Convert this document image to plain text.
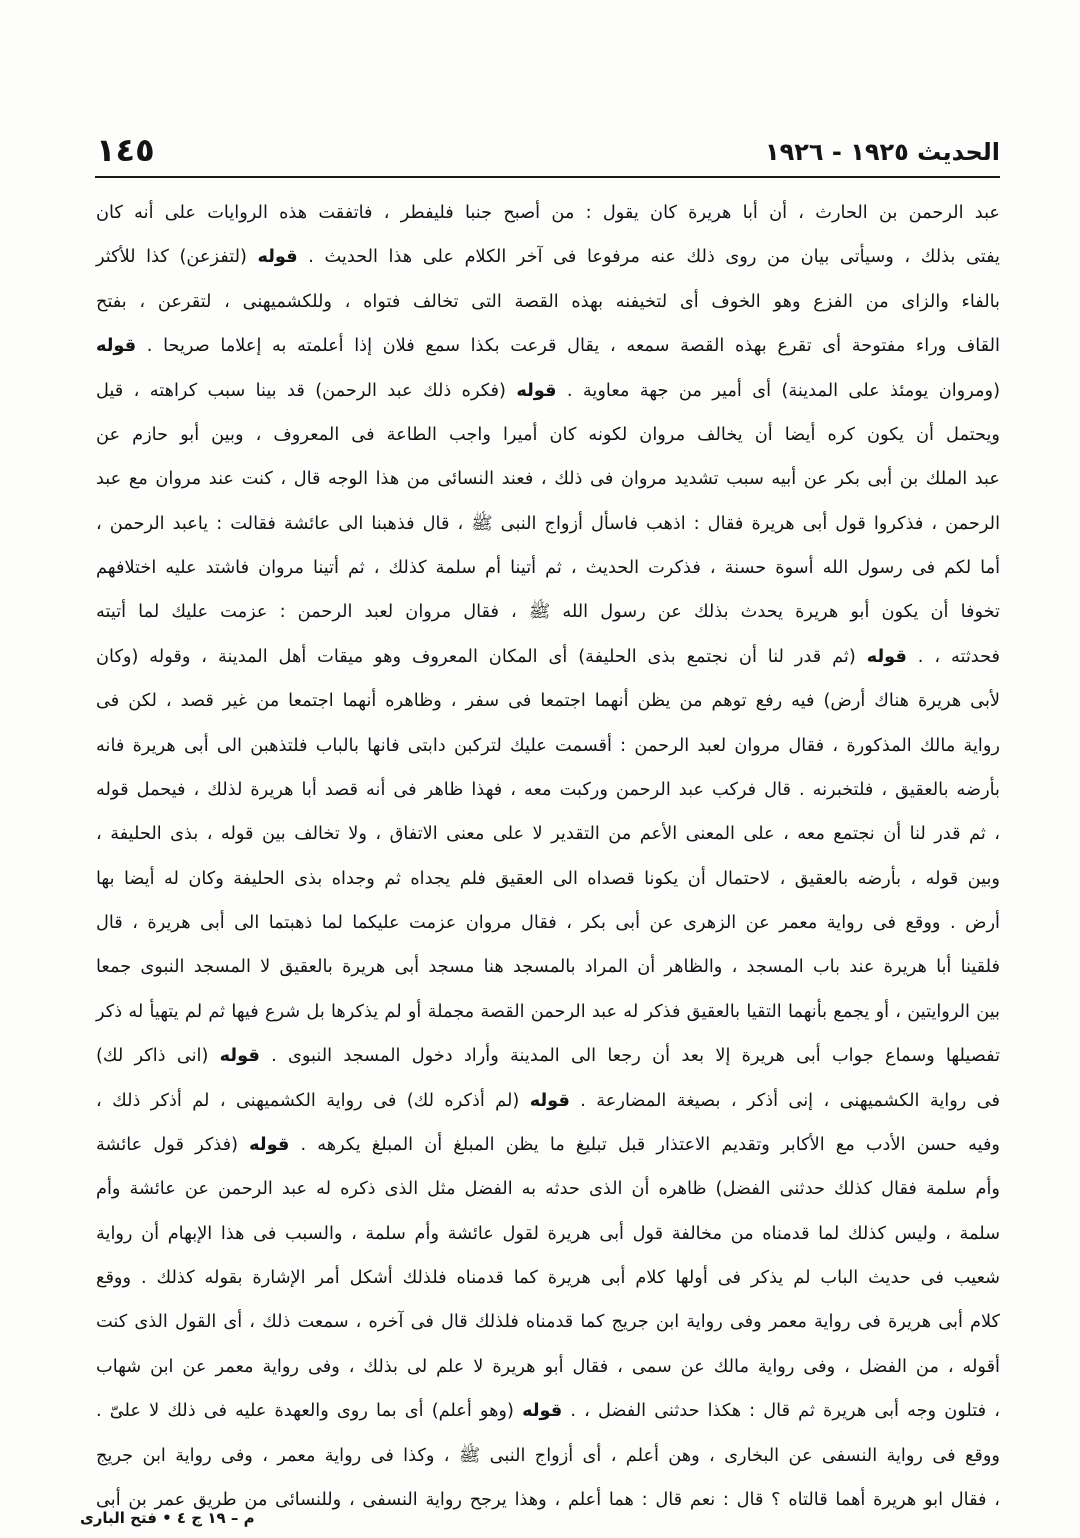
الحديث ١٩٢٥ - ١٩٢٦
١٤٥
عبد الرحمن بن الحارث ، أن أبا هريرة كان يقول : من أصبح جنبا فليفطر ، فاتفقت هذه الروايات على أنه كان
يفتى بذلك ، وسيأتى بيان من روى ذلك عنه مرفوعا فى آخر الكلام على هذا الحديث . قوله (لتفزعن) كذا للأكثر
بالفاء والزاى من الفزع وهو الخوف أى لتخيفنه بهذه القصة التى تخالف فتواه ، وللكشميهنى ، لتقرعن ، بفتح
القاف وراء مفتوحة أى تقرع بهذه القصة سمعه ، يقال قرعت بكذا سمع فلان إذا أعلمته به إعلاما صريحا . قوله
(ومروان يومئذ على المدينة) أى أمير من جهة معاوية . قوله (فكره ذلك عبد الرحمن) قد بينا سبب كراهته ، قيل
ويحتمل أن يكون كره أيضا أن يخالف مروان لكونه كان أميرا واجب الطاعة فى المعروف ، وبين أبو حازم عن
عبد الملك بن أبى بكر عن أبيه سبب تشديد مروان فى ذلك ، فعند النسائى من هذا الوجه قال ، كنت عند مروان مع عبد
الرحمن ، فذكروا قول أبى هريرة فقال : اذهب فاسأل أزواج النبى ﷺ ، قال فذهبنا الى عائشة فقالت : ياعبد الرحمن ،
أما لكم فى رسول الله أسوة حسنة ، فذكرت الحديث ، ثم أتينا أم سلمة كذلك ، ثم أتينا مروان فاشتد عليه اختلافهم
تخوفا أن يكون أبو هريرة يحدث بذلك عن رسول الله ﷺ ، فقال مروان لعبد الرحمن : عزمت عليك لما أتيته
فحدثته ، . قوله (ثم قدر لنا أن نجتمع بذى الحليفة) أى المكان المعروف وهو ميقات أهل المدينة ، وقوله (وكان
لأبى هريرة هناك أرض) فيه رفع توهم من يظن أنهما اجتمعا فى سفر ، وظاهره أنهما اجتمعا من غير قصد ، لكن فى
رواية مالك المذكورة ، فقال مروان لعبد الرحمن : أقسمت عليك لتركبن دابتى فانها بالباب فلتذهبن الى أبى هريرة فانه
بأرضه بالعقيق ، فلتخبرنه . قال فركب عبد الرحمن وركبت معه ، فهذا ظاهر فى أنه قصد أبا هريرة لذلك ، فيحمل قوله
، ثم قدر لنا أن نجتمع معه ، على المعنى الأعم من التقدير لا على معنى الاتفاق ، ولا تخالف بين قوله ، بذى الحليفة ،
وبين قوله ، بأرضه بالعقيق ، لاحتمال أن يكونا قصداه الى العقيق فلم يجداه ثم وجداه بذى الحليفة وكان له أيضا بها
أرض . ووقع فى رواية معمر عن الزهرى عن أبى بكر ، فقال مروان عزمت عليكما لما ذهبتما الى أبى هريرة ، قال
فلقينا أبا هريرة عند باب المسجد ، والظاهر أن المراد بالمسجد هنا مسجد أبى هريرة بالعقيق لا المسجد النبوى جمعا
بين الروايتين ، أو يجمع بأنهما التقيا بالعقيق فذكر له عبد الرحمن القصة مجملة أو لم يذكرها بل شرع فيها ثم لم يتهيأ له ذكر
تفصيلها وسماع جواب أبى هريرة إلا بعد أن رجعا الى المدينة وأراد دخول المسجد النبوى . قوله (انى ذاكر لك)
فى رواية الكشميهنى ، إنى أذكر ، بصيغة المضارعة . قوله (لم أذكره لك) فى رواية الكشميهنى ، لم أذكر ذلك ،
وفيه حسن الأدب مع الأكابر وتقديم الاعتذار قبل تبليغ ما يظن المبلغ أن المبلغ يكرهه . قوله (فذكر قول عائشة
وأم سلمة فقال كذلك حدثنى الفضل) ظاهره أن الذى حدثه به الفضل مثل الذى ذكره له عبد الرحمن عن عائشة وأم
سلمة ، وليس كذلك لما قدمناه من مخالفة قول أبى هريرة لقول عائشة وأم سلمة ، والسبب فى هذا الإبهام أن رواية
شعيب فى حديث الباب لم يذكر فى أولها كلام أبى هريرة كما قدمناه فلذلك أشكل أمر الإشارة بقوله كذلك . ووقع
كلام أبى هريرة فى رواية معمر وفى رواية ابن جريج كما قدمناه فلذلك قال فى آخره ، سمعت ذلك ، أى القول الذى كنت
أقوله ، من الفضل ، وفى رواية مالك عن سمى ، فقال أبو هريرة لا علم لى بذلك ، وفى رواية معمر عن ابن شهاب
، فتلون وجه أبى هريرة ثم قال : هكذا حدثنى الفضل ، . قوله (وهو أعلم) أى بما روى والعهدة عليه فى ذلك لا علىّ .
ووقع فى رواية النسفى عن البخارى ، وهن أعلم ، أى أزواج النبى ﷺ ، وكذا فى رواية معمر ، وفى رواية ابن جريج
، فقال ابو هريرة أهما قالتاه ؟ قال : نعم قال : هما أعلم ، وهذا يرجح رواية النسفى ، وللنسائى من طريق عمر بن أبى
م – ١٩ ج ٤ • فتح البارى
